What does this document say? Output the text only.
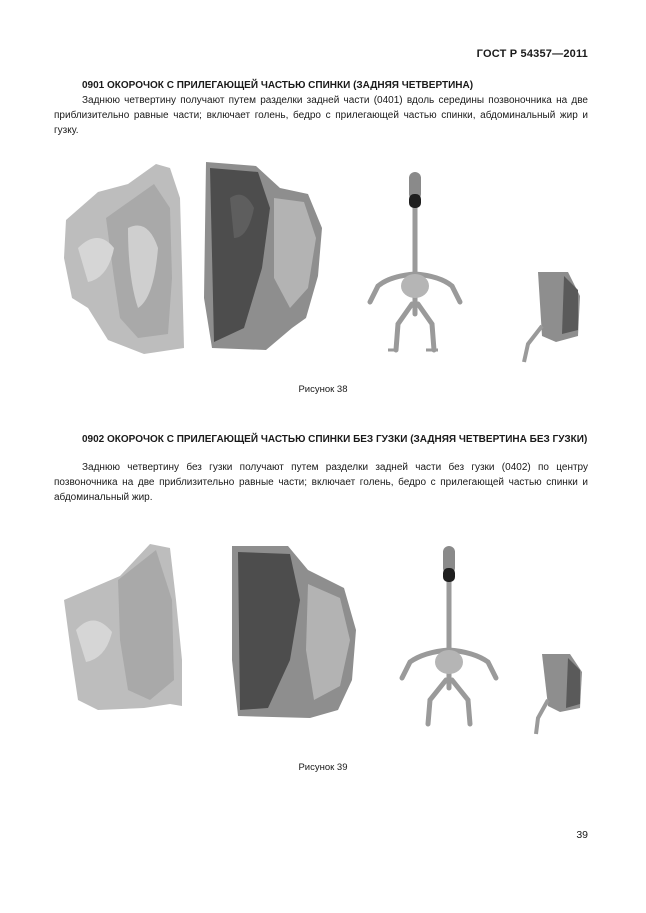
ГОСТ Р 54357—2011
0901 ОКОРОЧОК С ПРИЛЕГАЮЩЕЙ ЧАСТЬЮ СПИНКИ (ЗАДНЯЯ ЧЕТВЕРТИНА)
Заднюю четвертину получают путем разделки задней части (0401) вдоль середины позвоночника на две приблизительно равные части; включает голень, бедро с прилегающей частью спинки, абдоминальный жир и гузку.
Рисунок 38
0902 ОКОРОЧОК С ПРИЛЕГАЮЩЕЙ ЧАСТЬЮ СПИНКИ БЕЗ ГУЗКИ (ЗАДНЯЯ ЧЕТВЕРТИНА БЕЗ ГУЗКИ)
Заднюю четвертину без гузки получают путем разделки задней части без гузки (0402) по центру позвоночника на две приблизительно равные части; включает голень, бедро с прилегающей частью спинки и абдоминальный жир.
Рисунок 39
39
